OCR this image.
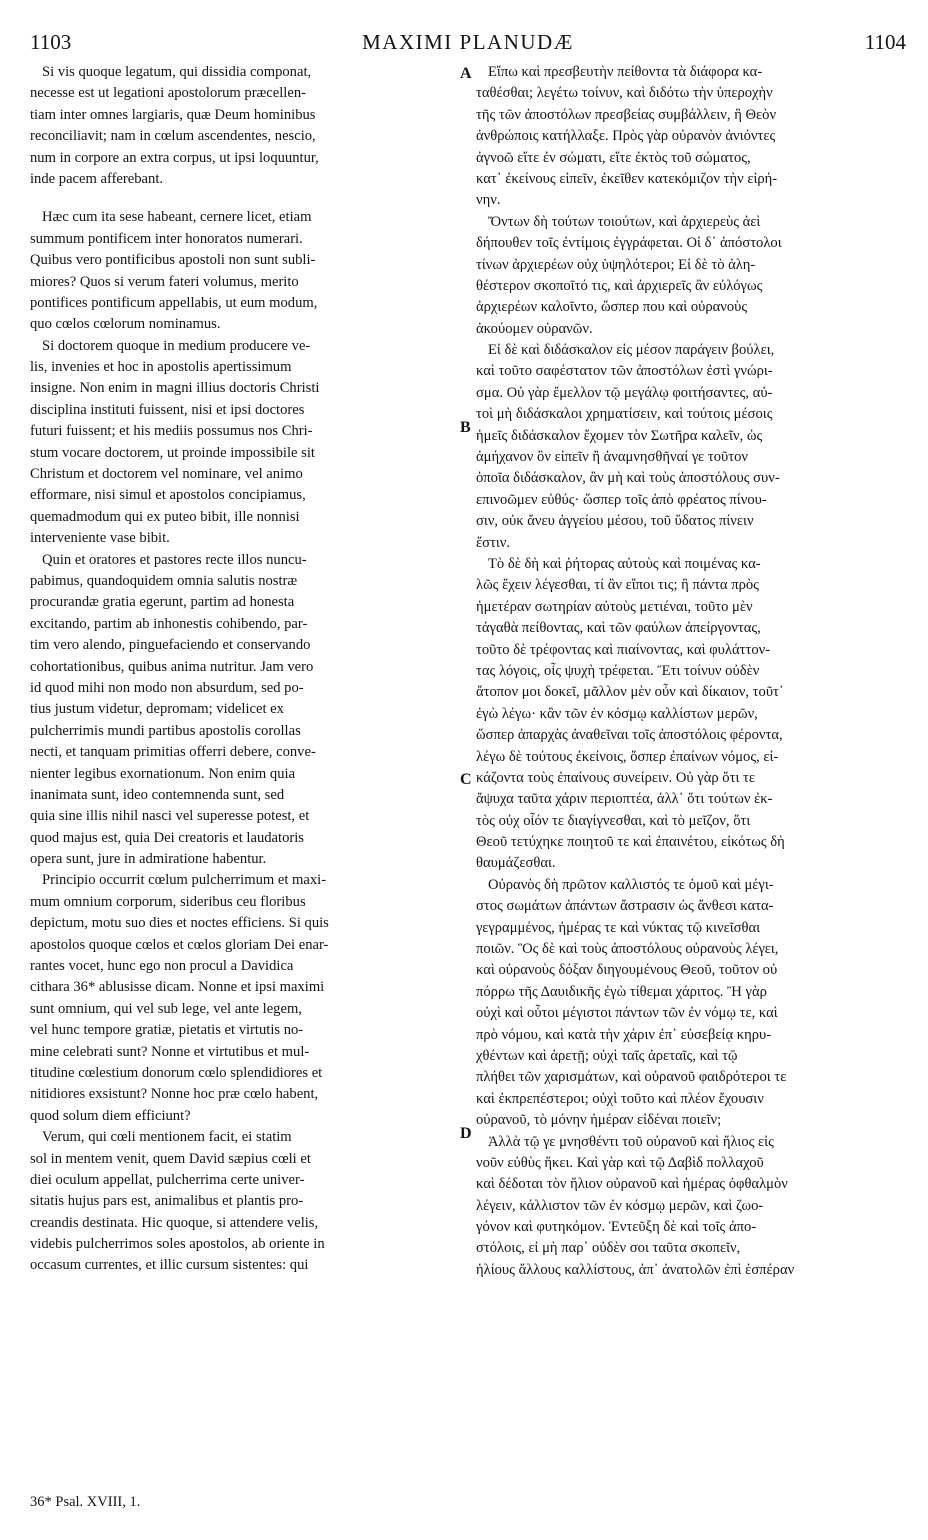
1103	MAXIMI PLANUDÆ	1104
Si vis quoque legatum, qui dissidia componat,
necesse est ut legationi apostolorum præcellen-
tiam inter omnes largiaris, quæ Deum hominibus
reconciliavit; nam in cœlum ascendentes, nescio,
num in corpore an extra corpus, ut ipsi loquuntur,
inde pacem afferebant.
Hæc cum ita sese habeant, cernere licet, etiam
summum pontificem inter honoratos numerari.
Quibus vero pontificibus apostoli non sunt subli-
miores? Quos si verum fateri volumus, merito
pontifices pontificum appellabis, ut eum modum,
quo cœlos cœlorum nominamus.
Si doctorem quoque in medium producere ve-
lis, invenies et hoc in apostolis apertissimum
insigne. Non enim in magni illius doctoris Christi
disciplina instituti fuissent, nisi et ipsi doctores
futuri fuissent; et his mediis possumus nos Chri-
stum vocare doctorem, ut proinde impossibile sit
Christum et doctorem vel nominare, vel animo
efformare, nisi simul et apostolos concipiamus,
quemadmodum qui ex puteo bibit, ille nonnisi
interveniente vase bibit.
Quin et oratores et pastores recte illos nuncu-
pabimus, quandoquidem omnia salutis nostræ
procurandæ gratia egerunt, partim ad honesta
excitando, partim ab inhonestis cohibendo, par-
tim vero alendo, pinguefaciendo et conservando
cohortationibus, quibus anima nutritur. Jam vero
id quod mihi non modo non absurdum, sed po-
tius justum videtur, depromam; videlicet ex
pulcherrimis mundi partibus apostolis corollas
necti, et tanquam primitias offerri debere, conve-
nienter legibus exornationum. Non enim quia
inanimata sunt, ideo contemnenda sunt, sed
quia sine illis nihil nasci vel superesse potest, et
quod majus est, quia Dei creatoris et laudatoris
opera sunt, jure in admiratione habentur.
Principio occurrit cœlum pulcherrimum et maxi-
mum omnium corporum, sideribus ceu floribus
depictum, motu suo dies et noctes efficiens. Si quis
apostolos quoque cœlos et cœlos gloriam Dei enar-
rantes vocet, hunc ego non procul a Davidica
cithara 36* ablusisse dicam. Nonne et ipsi maximi
sunt omnium, qui vel sub lege, vel ante legem,
vel hunc tempore gratiæ, pietatis et virtutis no-
mine celebrati sunt? Nonne et virtutibus et mul-
titudine cœlestium donorum cœlo splendidiores et
nitidiores exsistunt? Nonne hoc præ cœlo habent,
quod solum diem efficiunt?
Verum, qui cœli mentionem facit, ei statim
sol in mentem venit, quem David sæpius cœli et
diei oculum appellat, pulcherrima certe univer-
sitatis hujus pars est, animalibus et plantis pro-
creandis destinata. Hic quoque, si attendere velis,
videbis pulcherrimos soles apostolos, ab oriente in
occasum currentes, et illic cursum sistentes: qui
Εἴπω καὶ πρεσβευτὴν πείθοντα τὰ διάφορα κα-
ταθέσθαι; λεγέτω τοίνυν, καὶ διδότω τὴν ὑπεροχὴν
τῆς τῶν ἀποστόλων πρεσβείας συμβάλλειν, ἣ Θεὸν
ἀνθρώποις κατήλλαξε. Πρὸς γὰρ οὐρανὸν ἀνιόντες
ἀγνοῶ εἴτε ἐν σώματι, εἴτε ἐκτὸς τοῦ σώματος,
κατ᾽ ἐκείνους εἰπεῖν, ἐκεῖθεν κατεκόμιζον τὴν εἰρή-
νην.
Ὄντων δὴ τούτων τοιούτων, καὶ ἀρχιερεὺς ἀεὶ
δήπουθεν τοῖς ἐντίμοις ἐγγράφεται. Οἱ δ᾽ ἀπόστολοι
τίνων ἀρχιερέων οὐχ ὑψηλότεροι; Εἰ δὲ τὸ ἀλη-
θέστερον σκοποῖτό τις, καὶ ἀρχιερεῖς ἂν εὐλόγως
ἀρχιερέων καλοῖντο, ὥσπερ που καὶ οὐρανοὺς
ἀκούομεν οὐρανῶν.
Εἰ δὲ καὶ διδάσκαλον εἰς μέσον παράγειν βούλει,
καὶ τοῦτο σαφέστατον τῶν ἀποστόλων ἐστὶ γνώρι-
σμα. Οὐ γὰρ ἔμελλον τῷ μεγάλῳ φοιτήσαντες, αὐ-
τοὶ μὴ διδάσκαλοι χρηματίσειν, καὶ τούτοις μέσοις
ἡμεῖς διδάσκαλον ἔχομεν τὸν Σωτῆρα καλεῖν, ὡς
ἀμήχανον ὃν εἰπεῖν ἢ ἀναμνησθῆναί γε τοῦτον
ὁποῖα διδάσκαλον, ἂν μὴ καὶ τοὺς ἀποστόλους συν-
επινοῶμεν εὐθύς· ὥσπερ τοῖς ἀπὸ φρέατος πίνου-
σιν, οὐκ ἄνευ ἀγγείου μέσου, τοῦ ὕδατος πίνειν
ἔστιν.
Τὸ δὲ δὴ καὶ ῥήτορας αὐτοὺς καὶ ποιμένας κα-
λῶς ἔχειν λέγεσθαι, τί ἂν εἴποι τις; ἢ πάντα πρὸς
ἡμετέραν σωτηρίαν αὐτοὺς μετιέναι, τοῦτο μὲν
τἀγαθὰ πείθοντας, καὶ τῶν φαύλων ἀπείργοντας,
τοῦτο δὲ τρέφοντας καὶ πιαίνοντας, καὶ φυλάττον-
τας λόγοις, οἷς ψυχὴ τρέφεται. Ἔτι τοίνυν οὐδὲν
ἄτοπον μοι δοκεῖ, μᾶλλον μὲν οὖν καὶ δίκαιον, τοῦτ᾽
ἐγὼ λέγω· κἂν τῶν ἐν κόσμῳ καλλίστων μερῶν,
ὥσπερ ἀπαρχὰς ἀναθεῖναι τοῖς ἀποστόλοις φέροντα,
λέγω δὲ τούτους ἐκείνοις, ὅσπερ ἐπαίνων νόμος, εἰ-
κάζοντα τοὺς ἐπαίνους συνείρειν. Οὐ γὰρ ὅτι τε
ἄψυχα ταῦτα χάριν περιοπτέα, ἀλλ᾽ ὅτι τούτων ἐκ-
τὸς οὐχ οἷόν τε διαγίγνεσθαι, καὶ τὸ μεῖζον, ὅτι
Θεοῦ τετύχηκε ποιητοῦ τε καὶ ἐπαινέτου, εἰκότως δὴ
θαυμάζεσθαι.
Οὐρανὸς δὴ πρῶτον καλλιστός τε ὁμοῦ καὶ μέγι-
στος σωμάτων ἁπάντων ἄστρασιν ὡς ἄνθεσι κατα-
γεγραμμένος, ἡμέρας τε καὶ νύκτας τῷ κινεῖσθαι
ποιῶν. Ὃς δὲ καὶ τοὺς ἀποστόλους οὐρανοὺς λέγει,
καὶ οὐρανοὺς δόξαν διηγουμένους Θεοῦ, τοῦτον οὐ
πόρρω τῆς Δαυιδικῆς ἐγὼ τίθεμαι χάριτος. Ἢ γὰρ
οὐχὶ καὶ οὗτοι μέγιστοι πάντων τῶν ἐν νόμῳ τε, καὶ
πρὸ νόμου, καὶ κατὰ τὴν χάριν ἐπ᾽ εὐσεβείᾳ κηρυ-
χθέντων καὶ ἀρετῇ; οὐχὶ ταῖς ἀρεταῖς, καὶ τῷ
πλήθει τῶν χαρισμάτων, καὶ οὐρανοῦ φαιδρότεροι τε
καὶ ἐκπρεπέστεροι; οὐχὶ τοῦτο καὶ πλέον ἔχουσιν
οὐρανοῦ, τὸ μόνην ἡμέραν εἰδέναι ποιεῖν;
Ἀλλὰ τῷ γε μνησθέντι τοῦ οὐρανοῦ καὶ ἥλιος εἰς
νοῦν εὐθὺς ἥκει. Καὶ γὰρ καὶ τῷ Δαβὶδ πολλαχοῦ
καὶ δέδοται τὸν ἥλιον οὐρανοῦ καὶ ἡμέρας ὀφθαλμὸν
λέγειν, κάλλιστον τῶν ἐν κόσμῳ μερῶν, καὶ ζωο-
γόνον καὶ φυτηκόμον. Ἐντεῦξη δὲ καὶ τοῖς ἀπο-
στόλοις, εἰ μὴ παρ᾽ οὐδὲν σοι ταῦτα σκοπεῖν,
ἡλίους ἄλλους καλλίστους, ἀπ᾽ ἀνατολῶν ἐπὶ ἑσπέραν
A
B
C
D
36* Psal. XVIII, 1.
